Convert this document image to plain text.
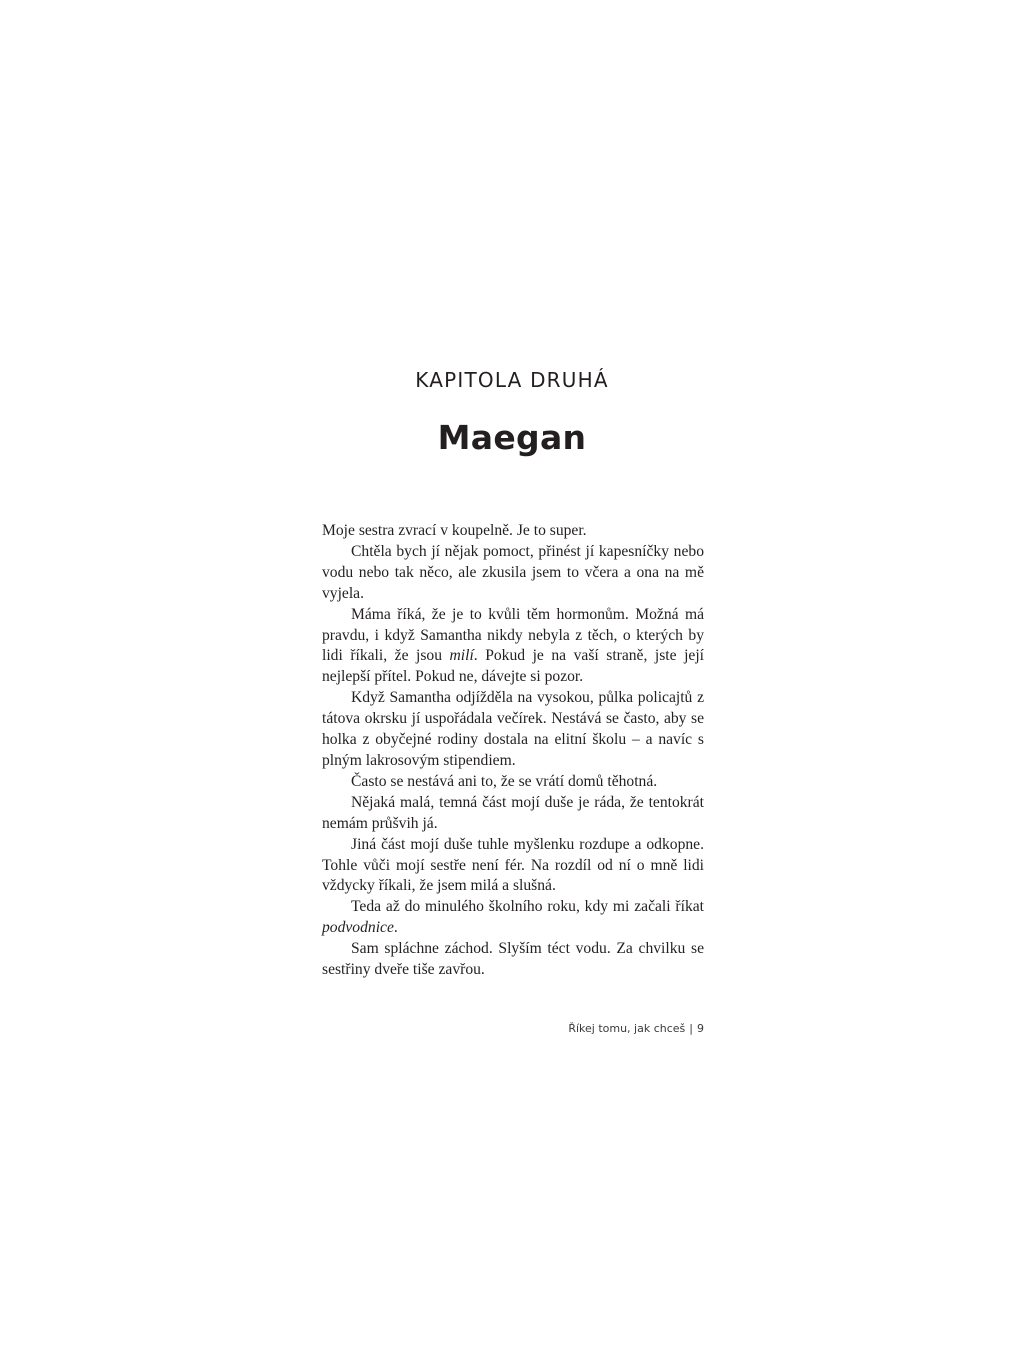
KAPITOLA DRUHÁ
Maegan

Moje sestra zvrací v koupelně. Je to super.

Chtěla bych jí nějak pomoct, přinést jí kapesníčky nebo vodu nebo tak něco, ale zkusila jsem to včera a ona na mě vyjela.

Máma říká, že je to kvůli těm hormonům. Možná má pravdu, i když Samantha nikdy nebyla z těch, o kterých by lidi říkali, že jsou milí. Pokud je na vaší straně, jste její nejlepší přítel. Pokud ne, dávejte si pozor.

Když Samantha odjížděla na vysokou, půlka policajtů z tátova okrsku jí uspořádala večírek. Nestává se často, aby se holka z obyčejné rodiny dostala na elitní školu – a navíc s plným lakrosovým stipendiem.

Často se nestává ani to, že se vrátí domů těhotná.

Nějaká malá, temná část mojí duše je ráda, že tentokrát nemám průšvih já.

Jiná část mojí duše tuhle myšlenku rozdupe a odkopne. Tohle vůči mojí sestře není fér. Na rozdíl od ní o mně lidi vždycky říkali, že jsem milá a slušná.

Teda až do minulého školního roku, kdy mi začali říkat podvodnice.

Sam spláchne záchod. Slyším téct vodu. Za chvilku se sestřiny dveře tiše zavřou.

Říkej tomu, jak chceš | 9
